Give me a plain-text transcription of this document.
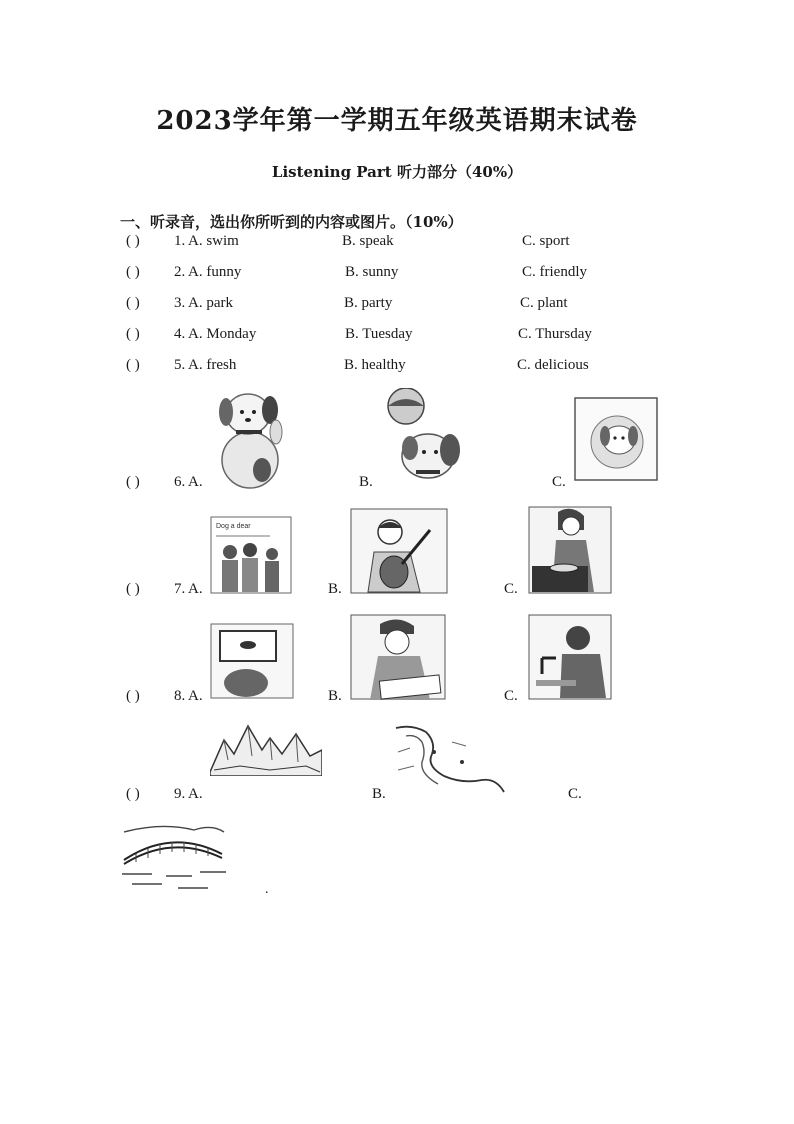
2023学年第一学期五年级英语期末试卷
Listening Part 听力部分（40%）
一、听录音，选出你所听到的内容或图片。（10%）
( ) 1. A. swim	B. speak	C. sport
( ) 2. A. funny	B. sunny	C. friendly
( ) 3. A. park	B. party	C. plant
( ) 4. A. Monday	B. Tuesday	C. Thursday
( ) 5. A. fresh	B. healthy	C. delicious
( ) 6. A.	B.	C.
( ) 7. A.	B.	C.
Dog a dear
( ) 8. A.	B.	C.
( ) 9. A.	B.	C.
.
